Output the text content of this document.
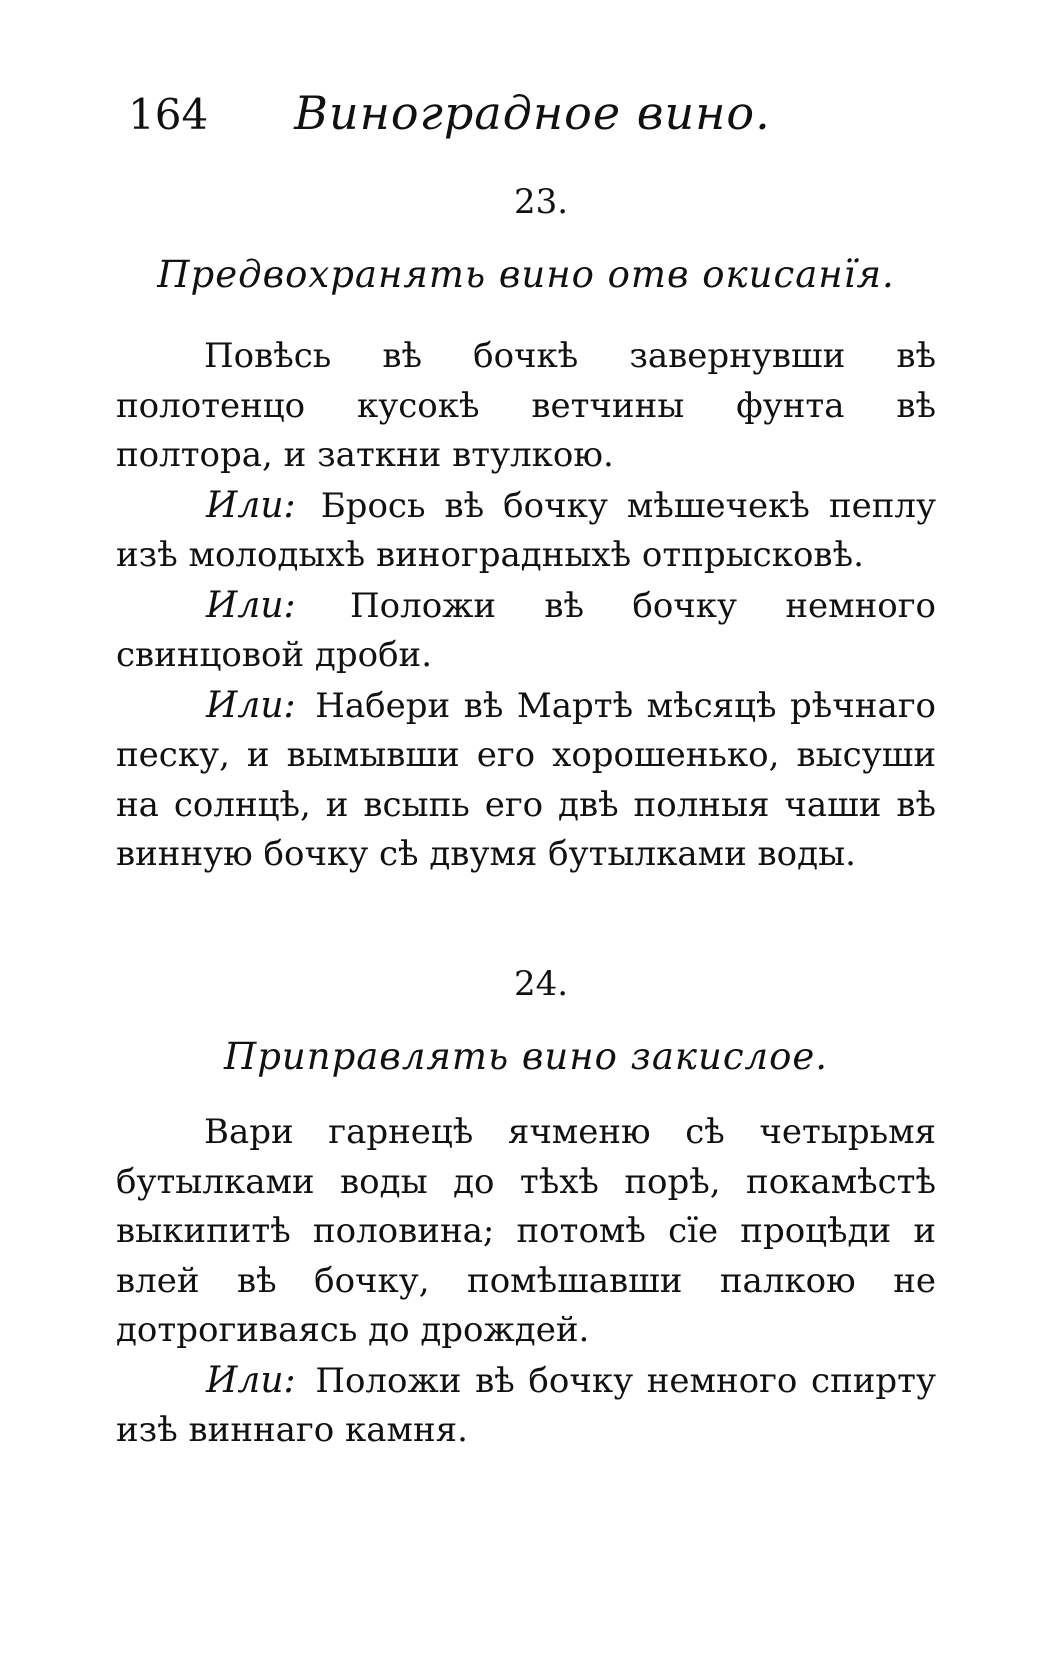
164 Виноградное вино.
23.
Предвохранять вино отв окисанїя.

Повѣсь вѣ бочкѣ завернувши вѣ полотенцо кусокѣ ветчины фунта вѣ полтора, и заткни втулкою.

Или: Брось вѣ бочку мѣшечекѣ пеплу изѣ молодыхѣ виноградныхѣ отпрысковѣ.

Или: Положи вѣ бочку немного свинцовой дроби.

Или: Набери вѣ Мартѣ мѣсяцѣ рѣчнаго песку, и вымывши его хорошенько, высуши на солнцѣ, и всыпь его двѣ полныя чаши вѣ винную бочку сѣ двумя бутылками воды.

24.
Приправлять вино закислое.

Вари гарнецѣ ячменю сѣ четырьмя бутылками воды до тѣхѣ порѣ, покамѣстѣ выкипитѣ половина; потомѣ сїе процѣди и влей вѣ бочку, помѣшавши палкою не дотрогиваясь до дрождей.

Или: Положи вѣ бочку немного спирту изѣ виннаго камня.
